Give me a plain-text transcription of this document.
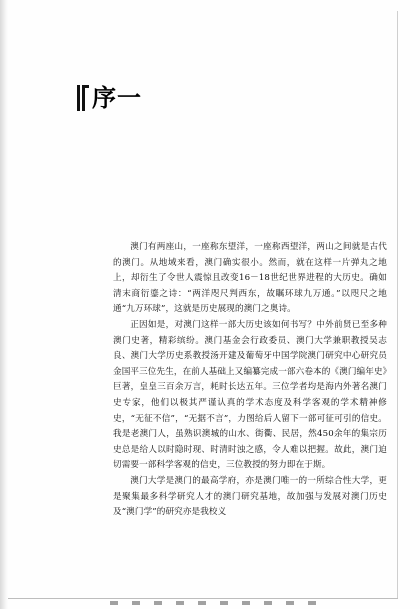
序一

澳门有两座山，一座称东望洋，一座称西望洋，两山之间就是古代的澳门。从地域来看，澳门确实很小。然而，就在这样一片弹丸之地上，却衍生了令世人震惊且改变16－18世纪世界进程的大历史。确如清末商衍鎏之诗：“两洋咫尺判西东，故瞩环球九万通。”以咫尺之地通“九万环球”，这就是历史展现的澳门之奥诗。

正因如是，对澳门这样一部大历史该如何书写？中外前贤已至多种澳门史著，精彩缤纷。澳门基金会行政委员、澳门大学兼职教授吴志良、澳门大学历史系教授汤开建及葡萄牙中国学院澳门研究中心研究员金国平三位先生，在前人基础上又编纂完成一部六卷本的《澳门编年史》巨著，皇皇三百余万言，耗时长达五年。三位学者均是海内外著名澳门史专家，他们以极其严谨认真的学术态度及科学客观的学术精神修史，“无征不信”，“无据不言”，力图给后人留下一部可征可引的信史。我是老澳门人，虽熟识澳城的山水、街衢、民居，然450余年的集宗历史总是给人以时隐时现、时清时浊之感，令人难以把握。故此，澳门迫切需要一部科学客观的信史，三位教授的努力即在于斯。

澳门大学是澳门的最高学府，亦是澳门唯一的一所综合性大学，更是聚集最多科学研究人才的澳门研究基地，故加强与发展对澳门历史及“澳门学”的研究亦是我校义
